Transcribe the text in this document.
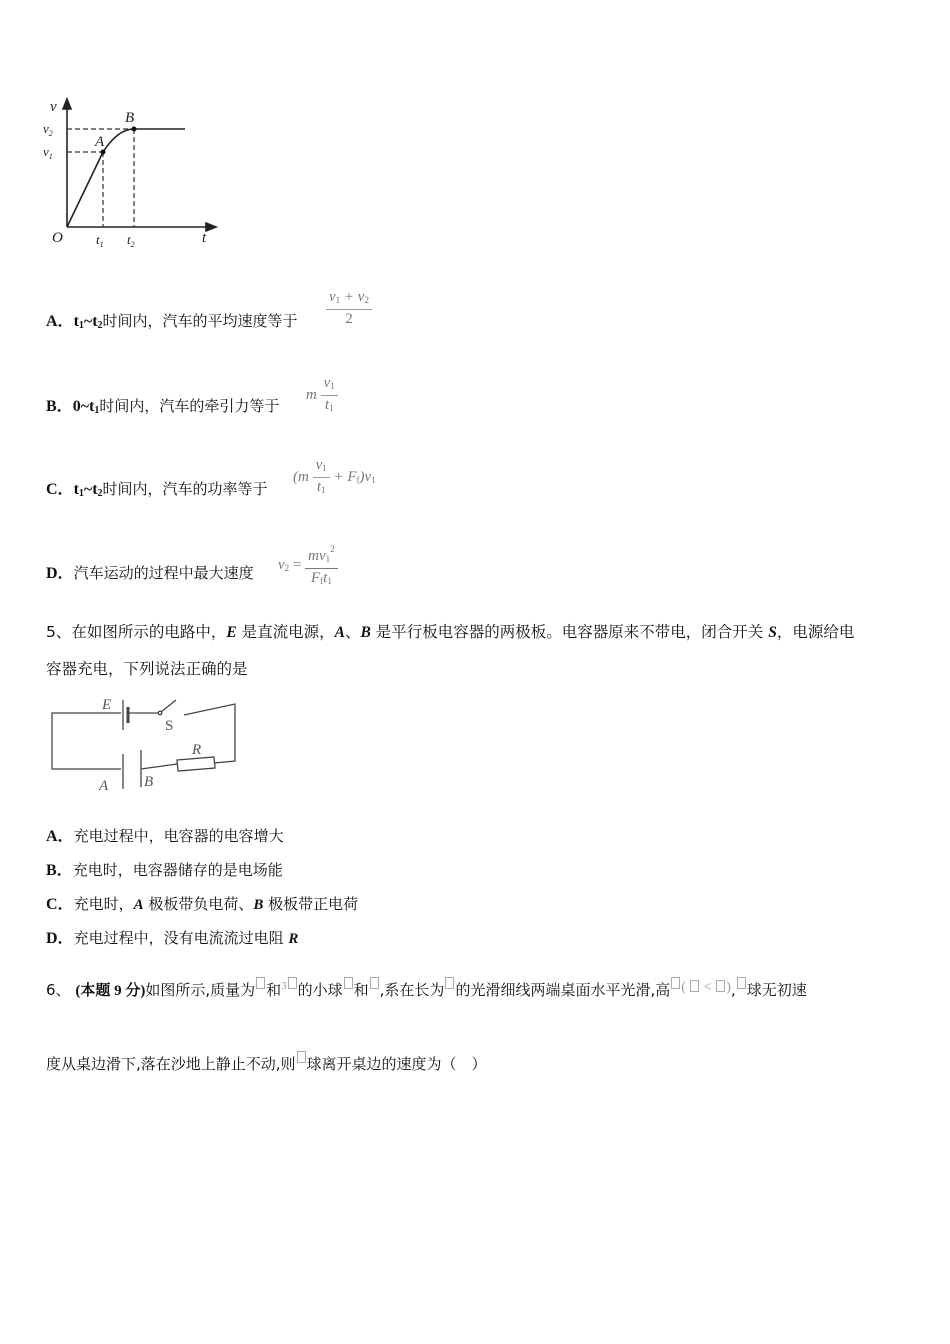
v
t
O
$v_2$
$v_1$
$t_1$ $t_2$
A
B
A．$t_1\sim t_2$时间内，汽车的平均速度等于 $\frac{v1 + v2}{2}$
B．$0\sim t_1$时间内，汽车的牵引力等于
m $\frac{v1}{t1}$
C．$t_1\sim t_2$时间内，汽车的功率等于
$(m \frac{v1}{t1} + Ff)v1$
D．汽车运动的过程中最大速度 $v2 = \frac{mv1^2}{\text{Fft1}}$
5、在如图所示的电路中，E 是直流电源，A、B 是平行板电容器的两极板。电容器原来不带电，闭合开关 S，电源给电
容器充电，下列说法正确的是
E
R
A B
S
A．充电过程中，电容器的电容增大
B．充电时，电容器储存的是电场能
C．充电时，A 极板带负电荷、B 极板带正电荷
D．充电过程中，没有电流流过电阻 R
6、 (本题 9 分)如图所示,质量为 和$^3$ 的小球 和 ,系在长为 的光滑细线两端桌面水平光滑,高 (  < ), 球无初速
度从桌边滑下,落在沙地上静止不动,则 球离开桌边的速度为（　）
